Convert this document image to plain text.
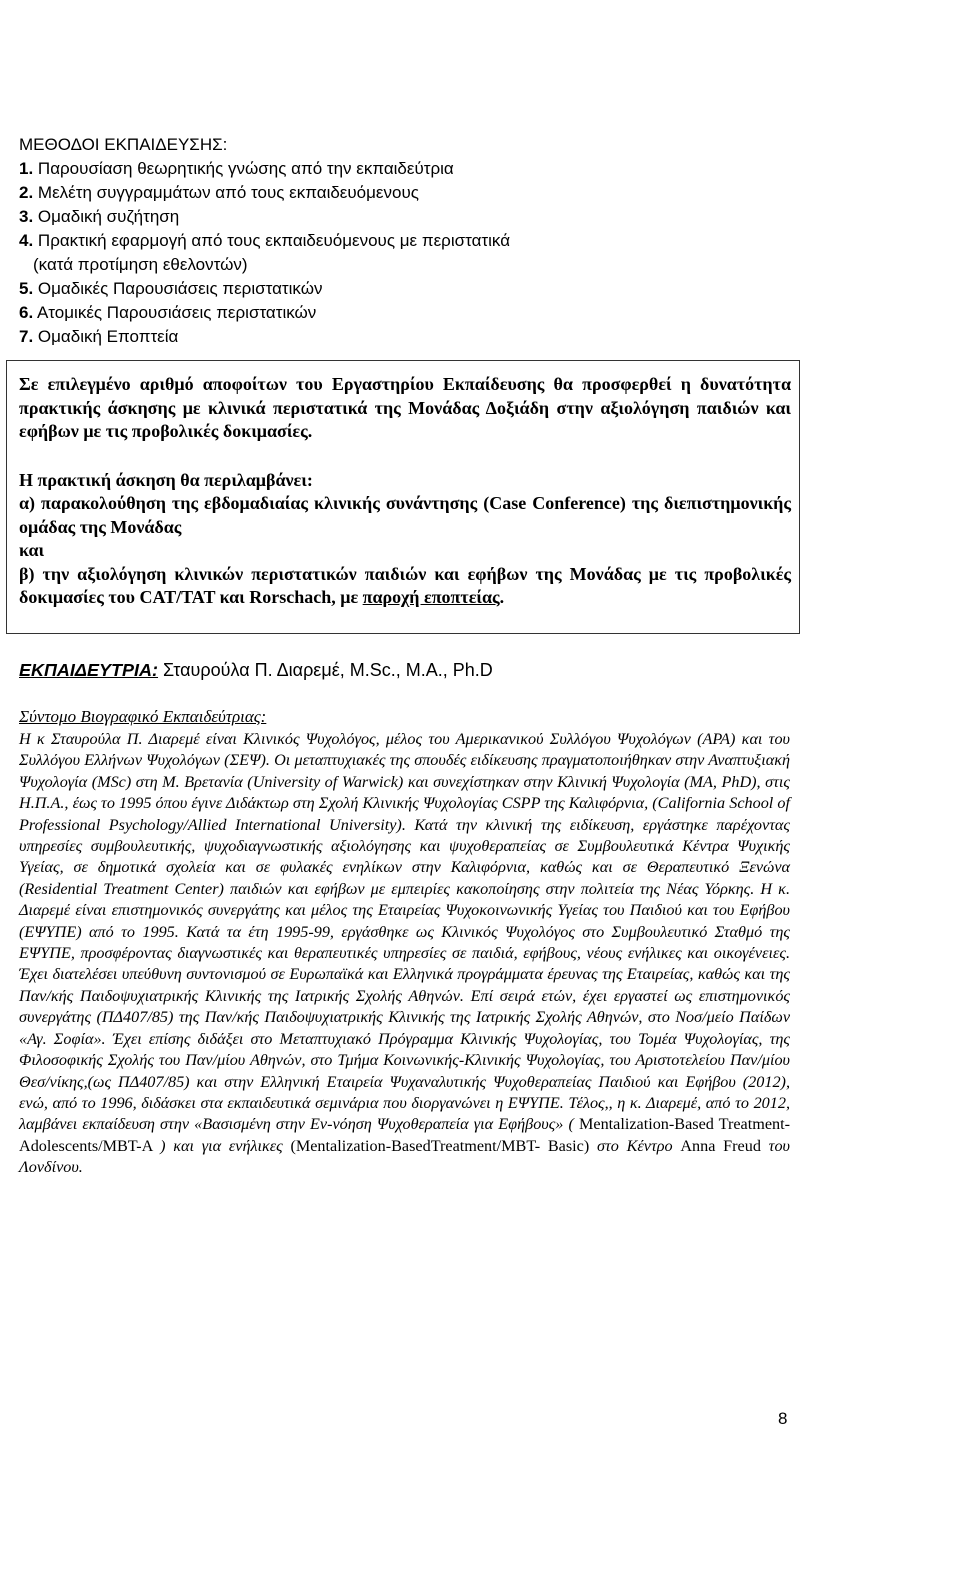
ΜΕΘΟΔΟΙ ΕΚΠΑΙΔΕΥΣΗΣ:
1. Παρουσίαση θεωρητικής γνώσης από την εκπαιδεύτρια
2. Μελέτη συγγραμμάτων από τους εκπαιδευόμενους
3. Ομαδική συζήτηση
4. Πρακτική εφαρμογή από τους εκπαιδευόμενους με περιστατικά
(κατά προτίμηση εθελοντών)
5. Ομαδικές Παρουσιάσεις περιστατικών
6. Ατομικές Παρουσιάσεις περιστατικών
7. Ομαδική Εποπτεία
Σε επιλεγμένο αριθμό αποφοίτων του Εργαστηρίου Εκπαίδευσης θα προσφερθεί η δυνατότητα πρακτικής άσκησης με κλινικά περιστατικά της Μονάδας Δοξιάδη στην αξιολόγηση παιδιών και εφήβων με τις προβολικές δοκιμασίες.
Η πρακτική άσκηση θα περιλαμβάνει:
α) παρακολούθηση της εβδομαδιαίας κλινικής συνάντησης (Case Conference) της διεπιστημονικής ομάδας της Μονάδας
και
β) την αξιολόγηση κλινικών περιστατικών παιδιών και εφήβων της Μονάδας με τις προβολικές δοκιμασίες του CAT/TAT και Rorschach, με παροχή εποπτείας.
ΕΚΠΑΙΔΕΥΤΡΙΑ: Σταυρούλα Π. Διαρεμέ, M.Sc., M.A., Ph.D
Σύντομο Βιογραφικό Εκπαιδεύτριας:
Η κ Σταυρούλα Π. Διαρεμέ είναι Κλινικός Ψυχολόγος, μέλος του Αμερικανικού Συλλόγου Ψυχολόγων (ΑPA) και του Συλλόγου Ελλήνων Ψυχολόγων (ΣΕΨ). Οι μεταπτυχιακές της σπουδές ειδίκευσης πραγματοποιήθηκαν στην Αναπτυξιακή Ψυχολογία (MSc) στη Μ. Βρετανία (University of Warwick) και συνεχίστηκαν στην Κλινική Ψυχολογία (MA, PhD), στις Η.Π.Α., έως το 1995 όπου έγινε Διδάκτωρ στη Σχολή Κλινικής Ψυχολογίας CSPP της Καλιφόρνια, (California School of Professional Psychology/Allied International University). Κατά την κλινική της ειδίκευση, εργάστηκε παρέχοντας υπηρεσίες συμβουλευτικής, ψυχοδιαγνωστικής αξιολόγησης και ψυχοθεραπείας σε Συμβουλευτικά Κέντρα Ψυχικής Υγείας, σε δημοτικά σχολεία και σε φυλακές ενηλίκων στην Καλιφόρνια, καθώς και σε Θεραπευτικό Ξενώνα (Residential Treatment Center) παιδιών και εφήβων με εμπειρίες κακοποίησης στην πολιτεία της Νέας Υόρκης. Η κ. Διαρεμέ είναι επιστημονικός συνεργάτης και μέλος της Εταιρείας Ψυχοκοινωνικής Υγείας του Παιδιού και του Εφήβου (ΕΨΥΠΕ) από το 1995. Κατά τα έτη 1995-99, εργάσθηκε ως Κλινικός Ψυχολόγος στο Συμβουλευτικό Σταθμό της ΕΨΥΠΕ, προσφέροντας διαγνωστικές και θεραπευτικές υπηρεσίες σε παιδιά, εφήβους, νέους ενήλικες και οικογένειες. Έχει διατελέσει υπεύθυνη συντονισμού σε Ευρωπαϊκά και Ελληνικά προγράμματα έρευνας της Εταιρείας, καθώς και της Παν/κής Παιδοψυχιατρικής Κλινικής της Ιατρικής Σχολής Αθηνών. Επί σειρά ετών, έχει εργαστεί ως επιστημονικός συνεργάτης (ΠΔ407/85) της Παν/κής Παιδοψυχιατρικής Κλινικής της Ιατρικής Σχολής Αθηνών, στο Νοσ/μείο Παίδων «Αγ. Σοφία». Έχει επίσης διδάξει στο Μεταπτυχιακό Πρόγραμμα Κλινικής Ψυχολογίας, του Τομέα Ψυχολογίας, της Φιλοσοφικής Σχολής του Παν/μίου Αθηνών, στο Τμήμα Κοινωνικής-Κλινικής Ψυχολογίας, του Αριστοτελείου Παν/μίου Θεσ/νίκης,(ως ΠΔ407/85) και στην Ελληνική Εταιρεία Ψυχαναλυτικής Ψυχοθεραπείας Παιδιού και Εφήβου (2012), ενώ, από το 1996, διδάσκει στα εκπαιδευτικά σεμινάρια που διοργανώνει η ΕΨΥΠΕ. Τέλος,, η κ. Διαρεμέ, από το 2012, λαμβάνει εκπαίδευση στην «Βασισμένη στην Εν-νόηση Ψυχοθεραπεία για Εφήβους» ( Mentalization-Based Treatment-Adolescents/MBT-A ) και για ενήλικες (Mentalization-BasedTreatment/MBT- Basic) στο Κέντρο Anna Freud του Λονδίνου.
8
